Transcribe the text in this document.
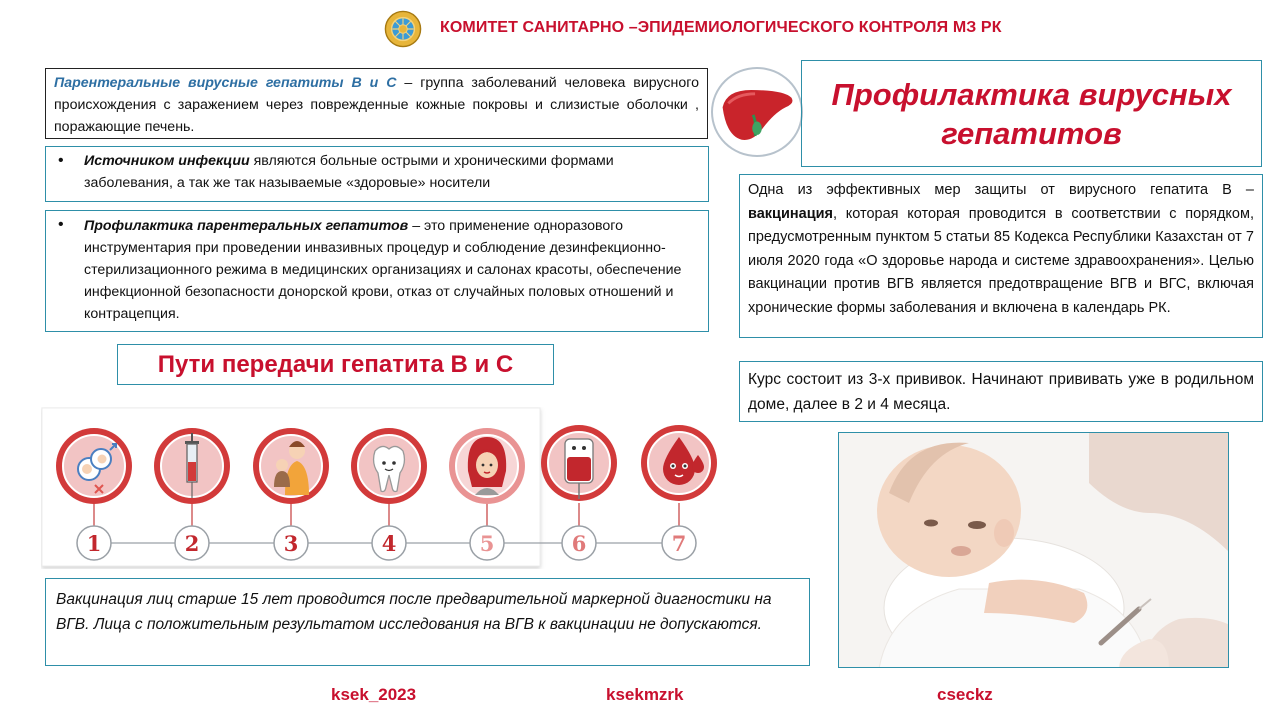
КОМИТЕТ САНИТАРНО –ЭПИДЕМИОЛОГИЧЕСКОГО КОНТРОЛЯ МЗ РК
Парентеральные вирусные гепатиты В и С – группа заболеваний человека вирусного происхождения с заражением через поврежденные кожные покровы и слизистые оболочки , поражающие печень.
• Источником инфекции являются больные острыми и хроническими формами заболевания, а так же так называемые «здоровые» носители
• Профилактика парентеральных гепатитов – это применение одноразового инструментария при проведении инвазивных процедур и соблюдение дезинфекционно-стерилизационного режима в медицинских организациях и салонах красоты, обеспечение инфекционной безопасности донорской крови, отказ от случайных половых отношений и контрацепция.
Пути передачи гепатита В и С
1	2	3	4	5	6	7
Вакцинация лиц старше 15 лет проводится после предварительной маркерной диагностики на ВГВ. Лица с положительным результатом исследования на ВГВ к вакцинации не допускаются.
Профилактика вирусных
гепатитов
Одна из эффективных мер защиты от вирусного гепатита В – вакцинация, которая которая проводится в соответствии с порядком, предусмотренным пунктом 5 статьи 85 Кодекса Республики Казахстан от 7 июля 2020 года «О здоровье народа и системе здравоохранения». Целью вакцинации против ВГВ является предотвращение ВГВ и ВГС, включая хронические формы заболевания и включена в календарь РК.
Курс состоит из 3-х прививок. Начинают прививать уже в родильном доме, далее в 2 и 4 месяца.
ksek_2023	ksekmzrk	cseckz
